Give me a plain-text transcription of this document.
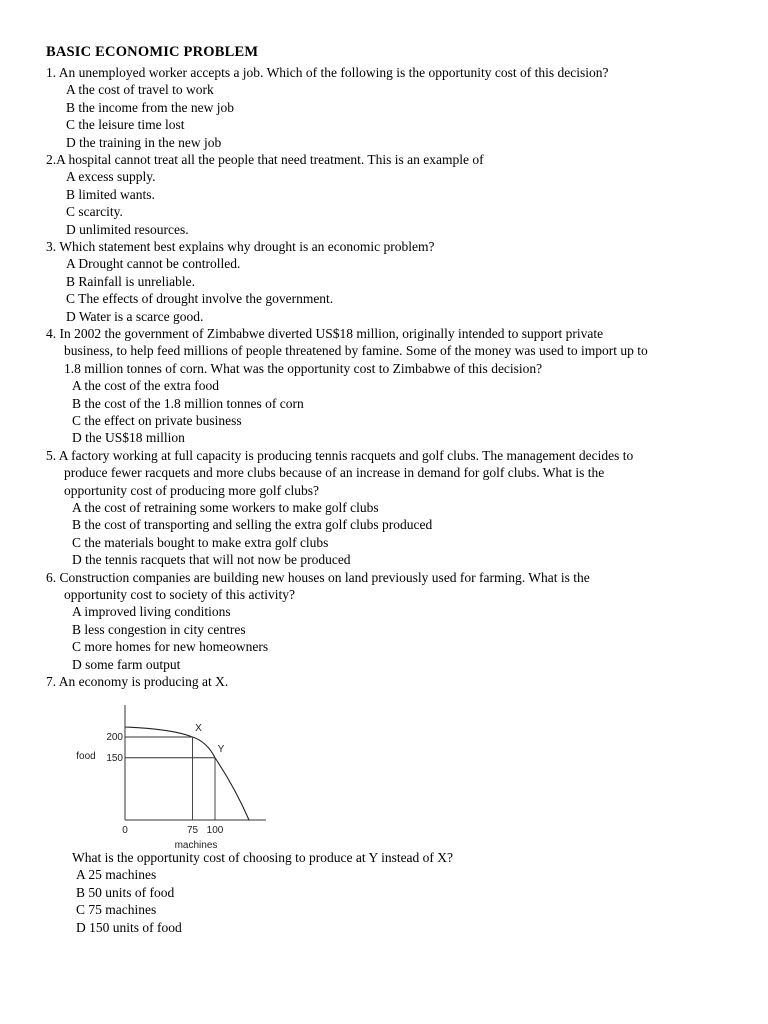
BASIC ECONOMIC PROBLEM
1. An unemployed worker accepts a job. Which of the following is the opportunity cost of this decision?
A the cost of travel to work
B the income from the new job
C the leisure time lost
D the training in the new job
2.A hospital cannot treat all the people that need treatment. This is an example of
A excess supply.
B limited wants.
C scarcity.
D unlimited resources.
3. Which statement best explains why drought is an economic problem?
A Drought cannot be controlled.
B Rainfall is unreliable.
C The effects of drought involve the government.
D Water is a scarce good.
4. In 2002 the government of Zimbabwe diverted US$18 million, originally intended to support private
business, to help feed millions of people threatened by famine. Some of the money was used to import up to
1.8 million tonnes of corn. What was the opportunity cost to Zimbabwe of this decision?
A the cost of the extra food
B the cost of the 1.8 million tonnes of corn
C the effect on private business
D the US$18 million
5. A factory working at full capacity is producing tennis racquets and golf clubs. The management decides to
produce fewer racquets and more clubs because of an increase in demand for golf clubs. What is the
opportunity cost of producing more golf clubs?
A the cost of retraining some workers to make golf clubs
B the cost of transporting and selling the extra golf clubs produced
C the materials bought to make extra golf clubs
D the tennis racquets that will not now be produced
6. Construction companies are building new houses on land previously used for farming. What is the
opportunity cost to society of this activity?
A improved living conditions
B less congestion in city centres
C more homes for new homeowners
D some farm output
7. An economy is producing at X.
What is the opportunity cost of choosing to produce at Y instead of X?
A 25 machines
B 50 units of food
C 75 machines
D 150 units of food
X
Y
200
150
0	75 100
food
machines
